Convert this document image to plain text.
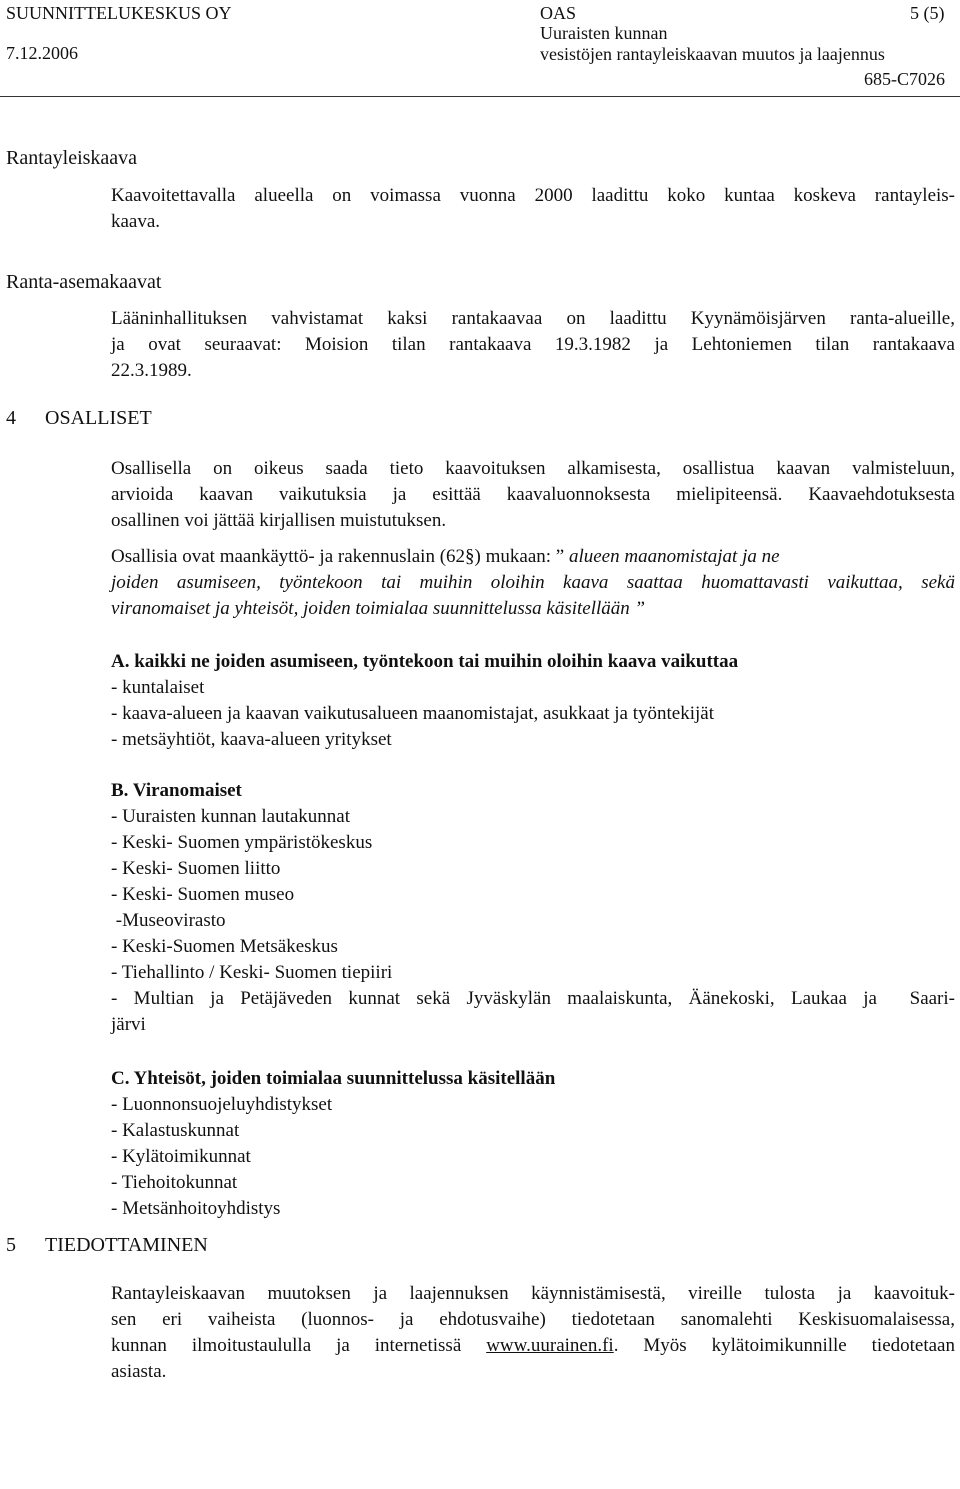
SUUNNITTELUKESKUS OY
7.12.2006
OAS
Uuraisten kunnan
vesistöjen rantayleiskaavan muutos ja laajennus
5 (5)
685-C7026
Rantayleiskaava
Kaavoitettavalla alueella on voimassa vuonna 2000 laadittu koko kuntaa koskeva rantayleis-
kaava.
Ranta-asemakaavat
Lääninhallituksen vahvistamat kaksi rantakaavaa on laadittu Kyynämöisjärven ranta-alueille,
ja ovat seuraavat: Moision tilan rantakaava 19.3.1982 ja Lehtoniemen tilan rantakaava
22.3.1989.
4 OSALLISET
Osallisella on oikeus saada tieto kaavoituksen alkamisesta, osallistua kaavan valmisteluun,
arvioida kaavan vaikutuksia ja esittää kaavaluonnoksesta mielipiteensä. Kaavaehdotuksesta
osallinen voi jättää kirjallisen muistutuksen.
Osallisia ovat maankäyttö- ja rakennuslain (62§) mukaan: ” alueen maanomistajat ja ne
joiden asumiseen, työntekoon tai muihin oloihin kaava saattaa huomattavasti vaikuttaa, sekä
viranomaiset ja yhteisöt, joiden toimialaa suunnittelussa käsitellään ”
A. kaikki ne joiden asumiseen, työntekoon tai muihin oloihin kaava vaikuttaa
- kuntalaiset
- kaava-alueen ja kaavan vaikutusalueen maanomistajat, asukkaat ja työntekijät
- metsäyhtiöt, kaava-alueen yritykset
B. Viranomaiset
- Uuraisten kunnan lautakunnat
- Keski- Suomen ympäristökeskus
- Keski- Suomen liitto
- Keski- Suomen museo
-Museovirasto
- Keski-Suomen Metsäkeskus
- Tiehallinto / Keski- Suomen tiepiiri
- Multian ja Petäjäveden kunnat sekä Jyväskylän maalaiskunta, Äänekoski, Laukaa ja  Saari-
järvi
C. Yhteisöt, joiden toimialaa suunnittelussa käsitellään
- Luonnonsuojeluyhdistykset
- Kalastuskunnat
- Kylätoimikunnat
- Tiehoitokunnat
- Metsänhoitoyhdistys
5 TIEDOTTAMINEN
Rantayleiskaavan muutoksen ja laajennuksen käynnistämisestä, vireille tulosta ja kaavoituk-
sen eri vaiheista (luonnos- ja ehdotusvaihe) tiedotetaan sanomalehti Keskisuomalaisessa,
kunnan ilmoitustaululla ja internetissä www.uurainen.fi. Myös kylätoimikunnille tiedotetaan
asiasta.
